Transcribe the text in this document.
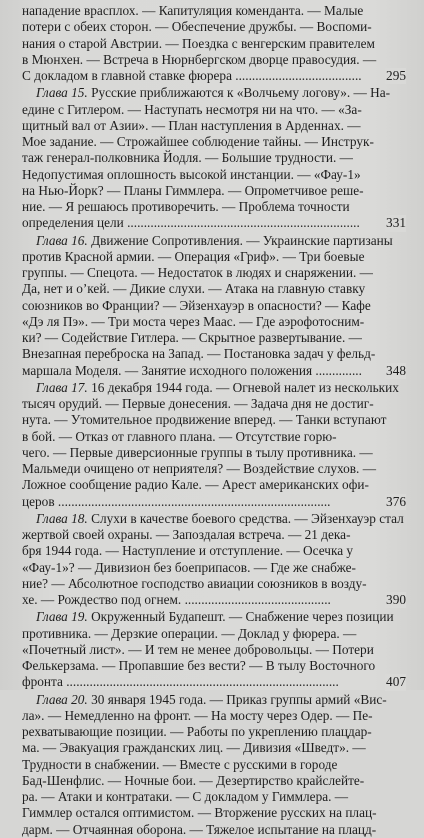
нападение врасплох. — Капитуляция коменданта. — Малые
потери с обеих сторон. — Обеспечение дружбы. — Воспоми-
нания о старой Австрии. — Поездка с венгерским правителем
в Мюнхен. — Встреча в Нюрнбергском дворце правосудия. —
С докладом в главной ставке фюрера ...................................... 295
Глава 15. Русские приближаются к «Волчьему логову». — На-
едине с Гитлером. — Наступать несмотря ни на что. — «За-
щитный вал от Азии». — План наступления в Арденнах. —
Мое задание. — Строжайшее соблюдение тайны. — Инструк-
таж генерал-полковника Йодля. — Большие трудности. —
Недопустимая оплошность высокой инстанции. — «Фау-1»
на Нью-Йорк? — Планы Гиммлера. — Опрометчивое реше-
ние. — Я решаюсь противоречить. — Проблема точности
определения цели ...................................................................... 331
Глава 16. Движение Сопротивления. — Украинские партизаны
против Красной армии. — Операция «Гриф». — Три боевые
группы. — Спецота. — Недостаток в людях и снаряжении. —
Да, нет и о’кей. — Дикие слухи. — Атака на главную ставку
союзников во Франции? — Эйзенхауэр в опасности? — Кафе
«Дэ ля Пэ». — Три моста через Маас. — Где аэрофотосним-
ки? — Содействие Гитлера. — Скрытное развертывание. —
Внезапная переброска на Запад. — Постановка задач у фельд-
маршала Моделя. — Занятие исходного положения .............. 348
Глава 17. 16 декабря 1944 года. — Огневой налет из нескольких
тысяч орудий. — Первые донесения. — Задача дня не достиг-
нута. — Утомительное продвижение вперед. — Танки вступают
в бой. — Отказ от главного плана. — Отсутствие горю-
чего. — Первые диверсионные группы в тылу противника. —
Мальмеди очищено от неприятеля? — Воздействие слухов. —
Ложное сообщение радио Кале. — Арест американских офи-
церов ..................................................................................	376
Глава 18. Слухи в качестве боевого средства. — Эйзенхауэр стал
жертвой своей охраны. — Запоздалая встреча. — 21 дека-
бря 1944 года. — Наступление и отступление. — Осечка у
«Фау-1»? — Дивизион без боеприпасов. — Где же снабже-
ние? — Абсолютное господство авиации союзников в возду-
хе. — Рождество под огнем. ............................................	390
Глава 19. Окруженный Будапешт. — Снабжение через позиции
противника. — Дерзкие операции. — Доклад у фюрера. —
«Почетный лист». — И тем не менее добровольцы. — Потери
Фелькерзама. — Пропавшие без вести? — В тылу Восточного
фронта ..................................................................................	407
Глава 20. 30 января 1945 года. — Приказ группы армий «Вис-
ла». — Немедленно на фронт. — На мосту через Одер. — Пе-
рехватывающие позиции. — Работы по укреплению плацдар-
ма. — Эвакуация гражданских лиц. — Дивизия «Шведт». —
Трудности в снабжении. — Вместе с русскими в городе
Бад-Шенфлис. — Ночные бои. — Дезертирство крайслейте-
ра. — Атаки и контратаки. — С докладом у Гиммлера. —
Гиммлер остался оптимистом. — Вторжение русских на плац-
дарм. — Отчаянная оборона. — Тяжелое испытание на плацд-
